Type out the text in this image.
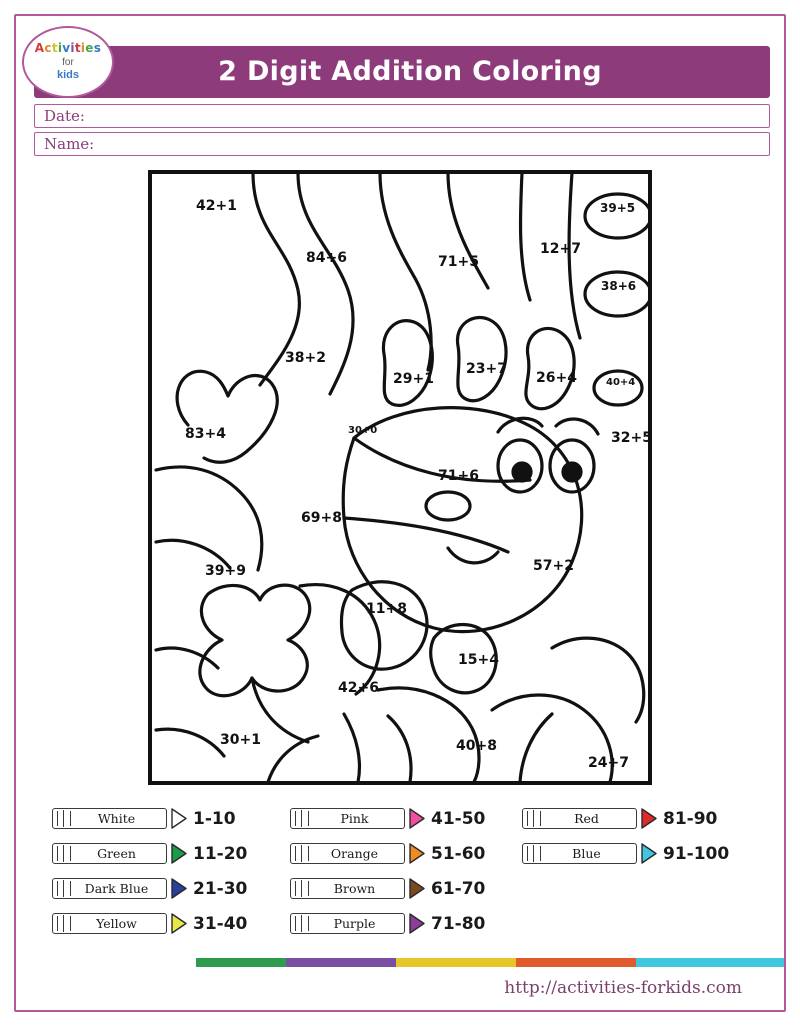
2 Digit Addition Coloring
Activities
for
kids
Date:
Name:
42+1
84+6	71+5
12+7
39+5
38+6
38+2
29+1
23+7
26+4	40+4
83+4	30+0	32+5
71+6
69+8
39+9	57+2
11+8
15+4
42+6
30+1	40+8
24+7
White	1-10
Green	11-20
Dark Blue	21-30
Yellow	31-40
Pink	41-50
Orange	51-60
Brown	61-70
Purple	71-80
Red	81-90
Blue	91-100
http://activities-forkids.com
